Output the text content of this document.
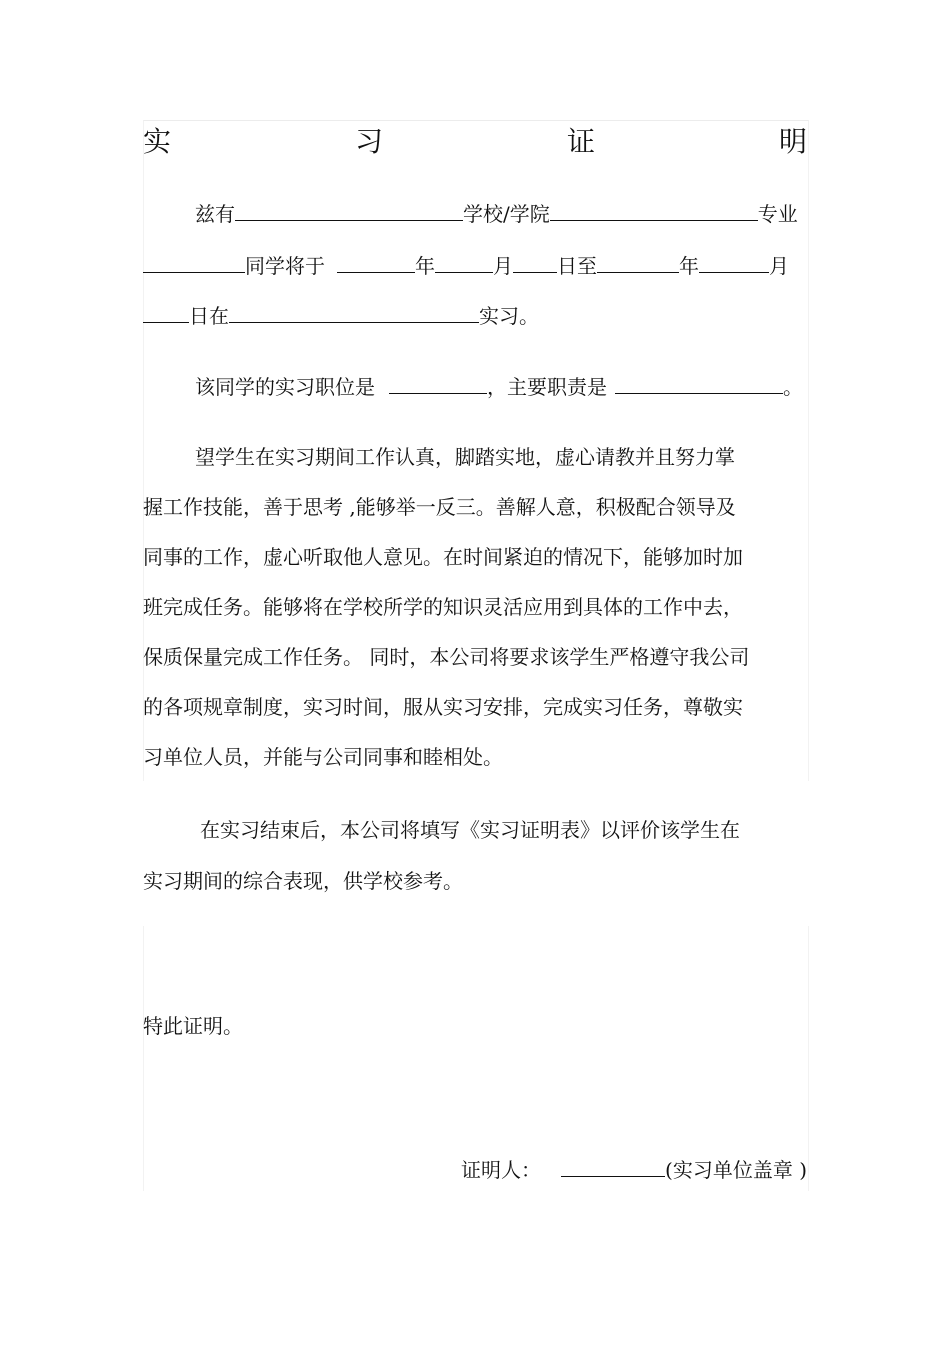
实	习	证	明
兹有	学校/学院	专业
同学将于	年	月 日至	年	月
日在	实习。
该同学的实习职位是	，主要职责是	。
望学生在实习期间工作认真，脚踏实地，虚心请教并且努力掌
握工作技能，善于思考 ,能够举一反三。善解人意，积极配合领导及
同事的工作，虚心听取他人意见。在时间紧迫的情况下，能够加时加
班完成任务。能够将在学校所学的知识灵活应用到具体的工作中去，
保质保量完成工作任务。 同时，本公司将要求该学生严格遵守我公司
的各项规章制度，实习时间，服从实习安排，完成实习任务，尊敬实
习单位人员，并能与公司同事和睦相处。
在实习结束后，本公司将填写《实习证明表》以评价该学生在
实习期间的综合表现，供学校参考。
特此证明。
证明人：	(实习单位盖章 )
